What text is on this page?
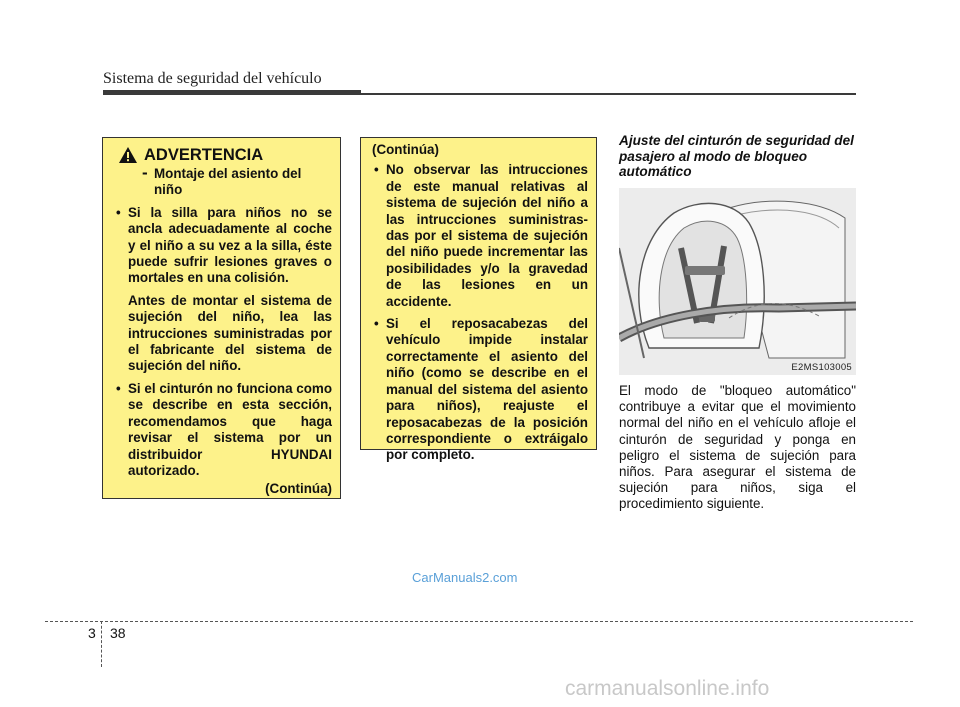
Sistema de seguridad del vehículo
ADVERTENCIA
- Montaje del asiento del niño
• Si la silla para niños no se ancla adecuadamente al coche y el niño a su vez a la silla, éste puede sufrir lesiones graves o mortales en una colisión.

Antes de montar el sistema de sujeción del niño, lea las intrucciones suministradas por el fabricante del sistema de sujeción del niño.

• Si el cinturón no funciona como se describe en esta sección, recomendamos que haga revisar el sistema por un distribuidor HYUNDAI autorizado.
(Continúa)
(Continúa)
• No observar las intrucciones de este manual relativas al sistema de sujeción del niño a las intrucciones suministras-das por el sistema de sujeción del niño puede incrementar las posibilidades y/o la gravedad de las lesiones en un accidente.
• Si el reposacabezas del vehículo impide instalar correctamente el asiento del niño (como se describe en el manual del sistema del asiento para niños), reajuste el reposacabezas de la posición correspondiente o extráigalo por completo.
Ajuste del cinturón de seguridad del pasajero al modo de bloqueo automático
E2MS103005
El modo de "bloqueo automático" contribuye a evitar que el movimiento normal del niño en el vehículo afloje el cinturón de seguridad y ponga en peligro el sistema de sujeción para niños. Para asegurar el sistema de sujeción para niños, siga el procedimiento siguiente.
CarManuals2.com
3 38
carmanualsonline.info
